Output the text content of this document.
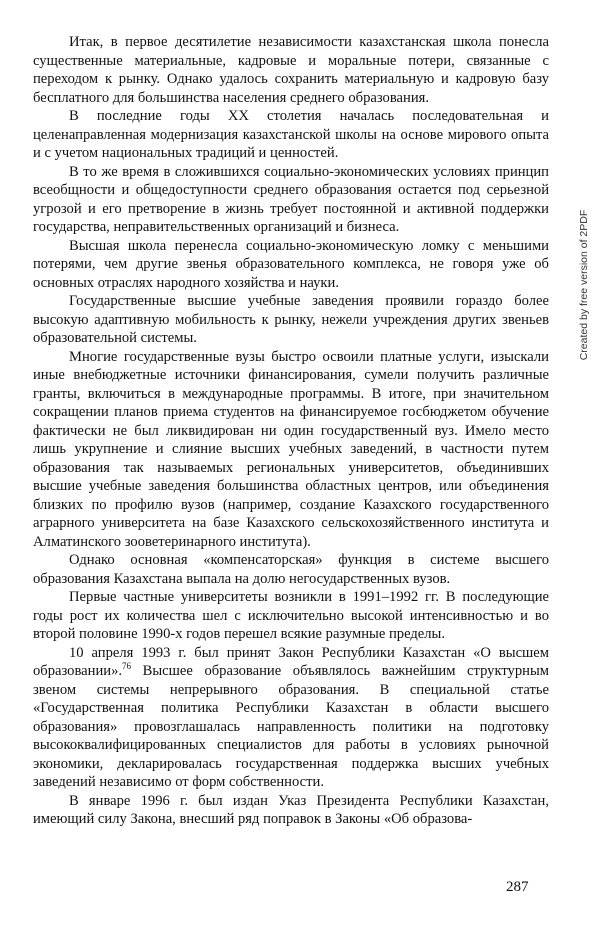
Итак, в первое десятилетие независимости казахстанская школа понесла существенные материальные, кадровые и моральные потери, связанные с переходом к рынку. Однако удалось сохранить материальную и кадровую базу бесплатного для большинства населения среднего образования.

В последние годы XX столетия началась последовательная и целенаправленная модернизация казахстанской школы на основе мирового опыта и с учетом национальных традиций и ценностей.

В то же время в сложившихся социально-экономических условиях принцип всеобщности и общедоступности среднего образования остается под серьезной угрозой и его претворение в жизнь требует постоянной и активной поддержки государства, неправительственных организаций и бизнеса.

Высшая школа перенесла социально-экономическую ломку с меньшими потерями, чем другие звенья образовательного комплекса, не говоря уже об основных отраслях народного хозяйства и науки.

Государственные высшие учебные заведения проявили гораздо более высокую адаптивную мобильность к рынку, нежели учреждения других звеньев образовательной системы.

Многие государственные вузы быстро освоили платные услуги, изыскали иные внебюджетные источники финансирования, сумели получить различные гранты, включиться в международные программы. В итоге, при значительном сокращении планов приема студентов на финансируемое госбюджетом обучение фактически не был ликвидирован ни один государственный вуз. Имело место лишь укрупнение и слияние высших учебных заведений, в частности путем образования так называемых региональных университетов, объединивших высшие учебные заведения большинства областных центров, или объединения близких по профилю вузов (например, создание Казахского государственного аграрного университета на базе Казахского сельскохозяйственного института и Алматинского зооветеринарного института).

Однако основная «компенсаторская» функция в системе высшего образования Казахстана выпала на долю негосударственных вузов.

Первые частные университеты возникли в 1991–1992 гг. В последующие годы рост их количества шел с исключительно высокой интенсивностью и во второй половине 1990-х годов перешел всякие разумные пределы.

10 апреля 1993 г. был принят Закон Республики Казахстан «О высшем образовании».$^{76}$ Высшее образование объявлялось важнейшим структурным звеном системы непрерывного образования. В специальной статье «Государственная политика Республики Казахстан в области высшего образования» провозглашалась направленность политики на подготовку высококвалифицированных специалистов для работы в условиях рыночной экономики, декларировалась государственная поддержка высших учебных заведений независимо от форм собственности.

В январе 1996 г. был издан Указ Президента Республики Казахстан, имеющий силу Закона, внесший ряд поправок в Законы «Об образова-

287
Created by free version of 2PDF
